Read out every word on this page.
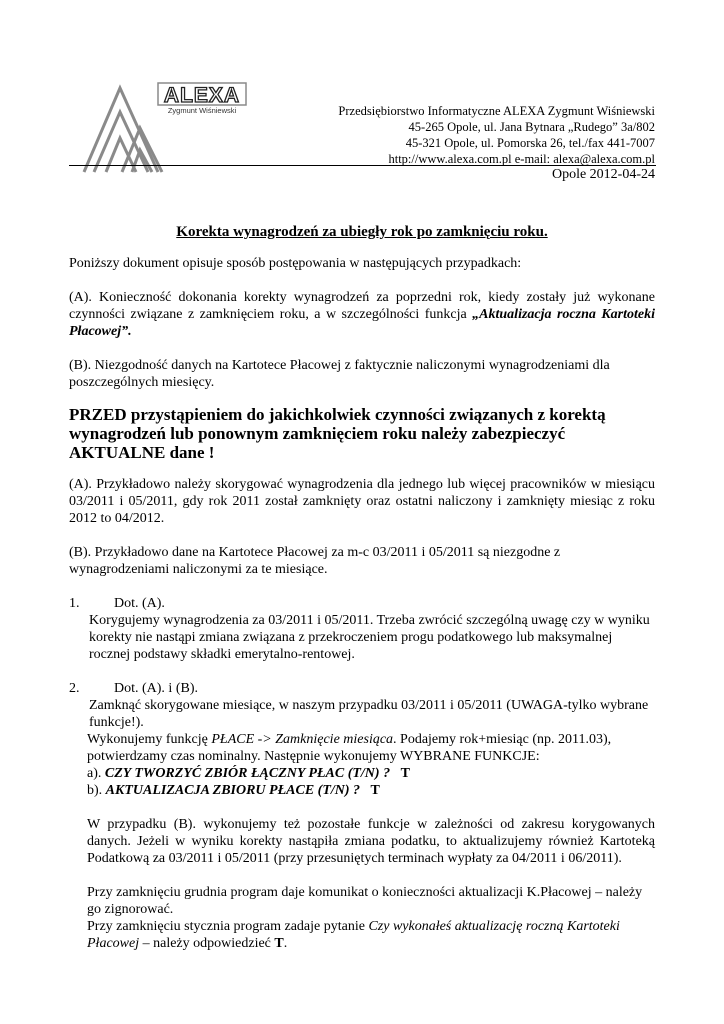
ALEXA
Zygmunt Wiśniewski	Przedsiębiorstwo Informatyczne ALEXA Zygmunt Wiśniewski
45-265 Opole, ul. Jana Bytnara „Rudego” 3a/802
45-321 Opole, ul. Pomorska 26, tel./fax 441-7007
http://www.alexa.com.pl e-mail: alexa@alexa.com.pl
Opole 2012-04-24

Korekta wynagrodzeń za ubiegły rok po zamknięciu roku.

Poniższy dokument opisuje sposób postępowania w następujących przypadkach:

(A). Konieczność dokonania korekty wynagrodzeń za poprzedni rok, kiedy zostały już wykonane czynności związane z zamknięciem roku, a w szczególności funkcja „Aktualizacja roczna Kartoteki Płacowej”.

(B). Niezgodność danych na Kartotece Płacowej z faktycznie naliczonymi wynagrodzeniami dla poszczególnych miesięcy.

PRZED przystąpieniem do jakichkolwiek czynności związanych z korektą wynagrodzeń lub ponownym zamknięciem roku należy zabezpieczyć AKTUALNE dane !

(A). Przykładowo należy skorygować wynagrodzenia dla jednego lub więcej pracowników w miesiącu 03/2011 i 05/2011, gdy rok 2011 został zamknięty oraz ostatni naliczony i zamknięty miesiąc z roku 2012 to 04/2012.

(B). Przykładowo dane na Kartotece Płacowej za m-c 03/2011 i 05/2011 są niezgodne z wynagrodzeniami naliczonymi za te miesiące.

1.	Dot. (A).

Korygujemy wynagrodzenia za 03/2011 i 05/2011. Trzeba zwrócić szczególną uwagę czy w wyniku korekty nie nastąpi zmiana związana z przekroczeniem progu podatkowego lub maksymalnej rocznej podstawy składki emerytalno-rentowej.

2.	Dot. (A). i (B).

Zamknąć skorygowane miesiące, w naszym przypadku 03/2011 i 05/2011 (UWAGA-tylko wybrane funkcje!).

Wykonujemy funkcję PŁACE -> Zamknięcie miesiąca. Podajemy rok+miesiąc (np. 2011.03), potwierdzamy czas nominalny. Następnie wykonujemy WYBRANE FUNKCJE:

a). CZY TWORZYĆ ZBIÓR ŁĄCZNY PŁAC (T/N) ? T

b). AKTUALIZACJA ZBIORU PŁACE (T/N) ? T

W przypadku (B). wykonujemy też pozostałe funkcje w zależności od zakresu korygowanych danych. Jeżeli w wyniku korekty nastąpiła zmiana podatku, to aktualizujemy również Kartoteką Podatkową za 03/2011 i 05/2011 (przy przesuniętych terminach wypłaty za 04/2011 i 06/2011).

Przy zamknięciu grudnia program daje komunikat o konieczności aktualizacji K.Płacowej – należy go zignorować.

Przy zamknięciu stycznia program zadaje pytanie Czy wykonałeś aktualizację roczną Kartoteki Płacowej – należy odpowiedzieć T.
